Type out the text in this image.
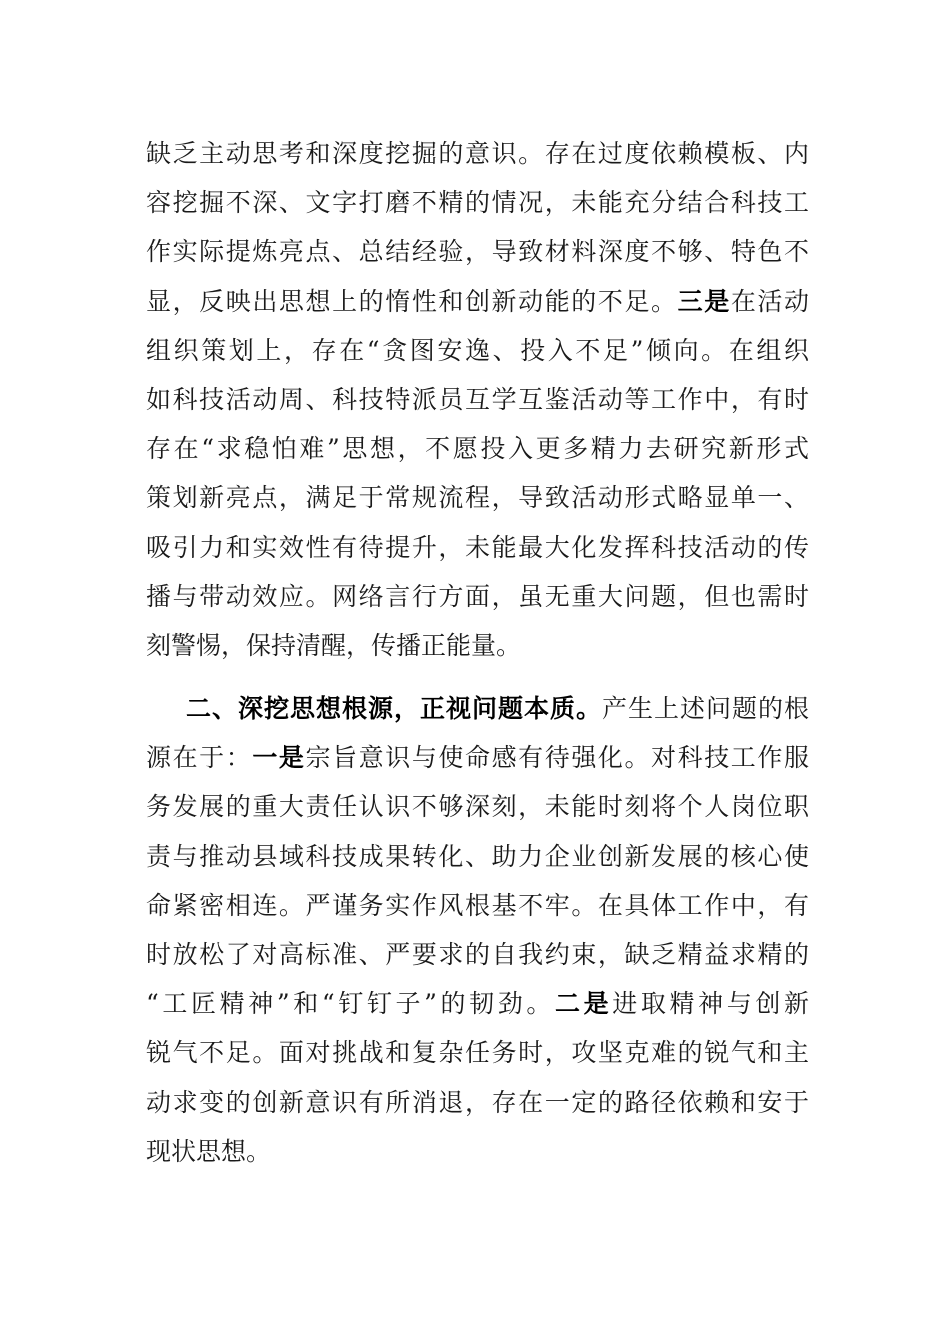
缺乏主动思考和深度挖掘的意识。存在过度依赖模板、内
容挖掘不深、文字打磨不精的情况，未能充分结合科技工
作实际提炼亮点、总结经验，导致材料深度不够、特色不
显，反映出思想上的惰性和创新动能的不足。三是在活动
组织策划上，存在“贪图安逸、投入不足”倾向。在组织
如科技活动周、科技特派员互学互鉴活动等工作中，有时
存在“求稳怕难”思想，不愿投入更多精力去研究新形式
策划新亮点，满足于常规流程，导致活动形式略显单一、
吸引力和实效性有待提升，未能最大化发挥科技活动的传
播与带动效应。网络言行方面，虽无重大问题，但也需时
刻警惕，保持清醒，传播正能量。
二、深挖思想根源，正视问题本质。产生上述问题的根
源在于：一是宗旨意识与使命感有待强化。对科技工作服
务发展的重大责任认识不够深刻，未能时刻将个人岗位职
责与推动县域科技成果转化、助力企业创新发展的核心使
命紧密相连。严谨务实作风根基不牢。在具体工作中，有
时放松了对高标准、严要求的自我约束，缺乏精益求精的
“工匠精神”和“钉钉子”的韧劲。二是进取精神与创新
锐气不足。面对挑战和复杂任务时，攻坚克难的锐气和主
动求变的创新意识有所消退，存在一定的路径依赖和安于
现状思想。
